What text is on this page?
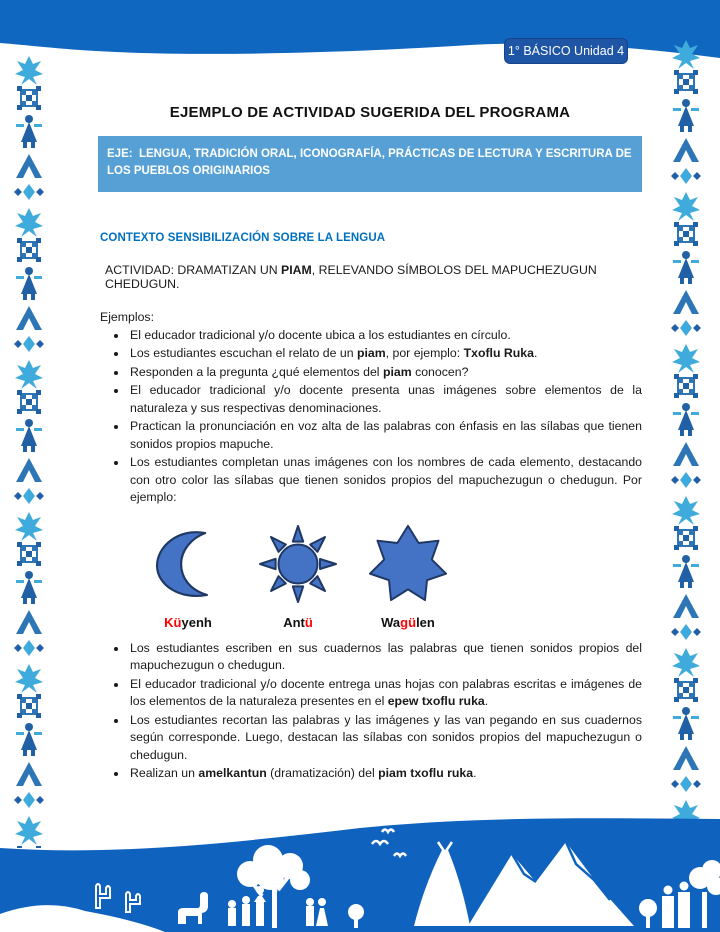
1° BÁSICO Unidad 4
EJEMPLO DE ACTIVIDAD SUGERIDA DEL PROGRAMA
EJE:  LENGUA, TRADICIÓN ORAL, ICONOGRAFÍA, PRÁCTICAS DE LECTURA Y ESCRITURA DE LOS PUEBLOS ORIGINARIOS
CONTEXTO SENSIBILIZACIÓN SOBRE LA LENGUA

ACTIVIDAD: DRAMATIZAN UN PIAM, RELEVANDO SÍMBOLOS DEL MAPUCHEZUGUN CHEDUGUN.

Ejemplos:

• El educador tradicional y/o docente ubica a los estudiantes en círculo.
• Los estudiantes escuchan el relato de un piam, por ejemplo: Txoflu Ruka.
• Responden a la pregunta ¿qué elementos del piam conocen?
• El educador tradicional y/o docente presenta unas imágenes sobre elementos de la naturaleza y sus respectivas denominaciones.
• Practican la pronunciación en voz alta de las palabras con énfasis en las sílabas que tienen sonidos propios mapuche.
• Los estudiantes completan unas imágenes con los nombres de cada elemento, destacando con otro color las sílabas que tienen sonidos propios del mapuchezugun o chedugun. Por ejemplo:
Küyenh	Antü	Wagülen
• Los estudiantes escriben en sus cuadernos las palabras que tienen sonidos propios del mapuchezugun o chedugun.
• El educador tradicional y/o docente entrega unas hojas con palabras escritas e imágenes de los elementos de la naturaleza presentes en el epew txoflu ruka.
• Los estudiantes recortan las palabras y las imágenes y las van pegando en sus cuadernos según corresponde. Luego, destacan las sílabas con sonidos propios del mapuchezugun o chedugun.
• Realizan un amelkantun (dramatización) del piam txoflu ruka.
